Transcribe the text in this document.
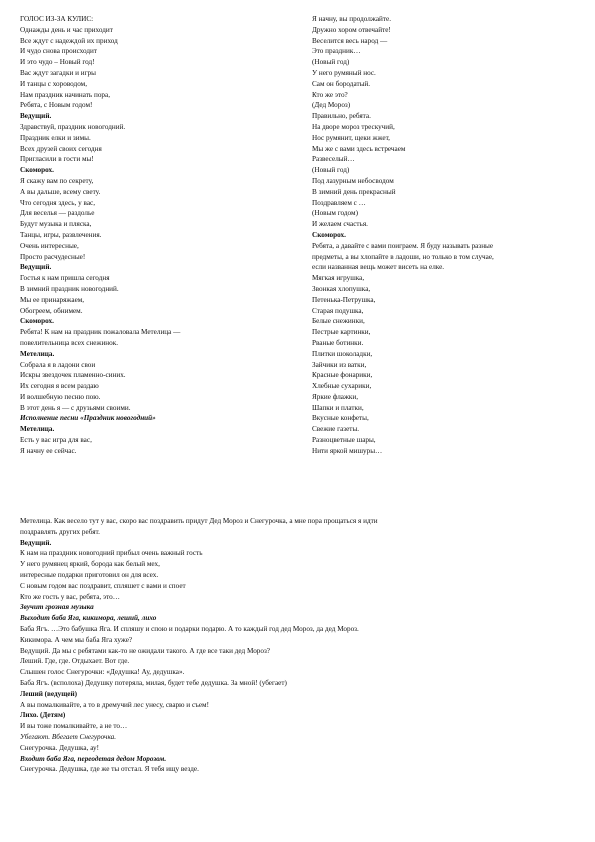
ГОЛОС ИЗ-ЗА КУЛИС:
Однажды день и час приходит
Все ждут с надеждой их приход
И чудо снова происходит
И это чудо – Новый год!
Вас ждут загадки и игры
И танцы с хороводом,
Нам праздник начинать пора,
Ребята, с Новым годом!
Ведущий.
Здравствуй, праздник новогодний.
Праздник елки и зимы.
Всех друзей своих сегодня
Пригласили в гости мы!
Скоморох.
Я скажу вам по секрету,
А вы дальше, всему свету.
Что сегодня здесь, у вас,
Для веселья — раздолье
Будут музыка и пляска,
Танцы, игры, развлечения.
Очень интересные,
Просто расчудесные!
Ведущий.
Гостья к нам пришла сегодня
В зимний праздник новогодний.
Мы ее принаряжаем,
Обогреем, обнимем.
Скоморох.
Ребята! К нам на праздник пожаловала Метелица —
повелительница всех снежинок.
Метелица.
Собрала я в ладони свои
Искры звездочек пламенно-синих.
Их сегодня я всем раздаю
И волшебную песню пою.
В этот день я — с друзьями своими.
Исполнение песни «Праздник новогодний»
Метелица.
Есть у вас игра для вас,
Я начну ее сейчас.
Я начну, вы продолжайте.
Дружно хором отвечайте!
Веселится весь народ —
Это праздник…
(Новый год)
У него румяный нос.
Сам он бородатый.
Кто же это?
(Дед Мороз)
Правильно, ребята.
На дворе мороз трескучий,
Нос румянит, щеки жжет,
Мы же с вами здесь встречаем
Развеселый…
(Новый год)
Под лазурным небосводом
В зимний день прекрасный
Поздравляем с …
(Новым годом)
И желаем счастья.
Скоморох.
Ребята, а давайте с вами поиграем. Я буду называть разные
предметы, а вы хлопайте в ладоши, но только в том случае,
если названная вещь может висеть на елке.
Мягкая игрушка,
Звонкая хлопушка,
Петенька-Петрушка,
Старая подушка,
Белые снежинки,
Пестрые картинки,
Рваные ботинки.
Плитки шоколадки,
Зайчики из ватки,
Красные фонарики,
Хлебные сухарики,
Яркие флажки,
Шапки и платки,
Вкусные конфеты,
Свежие газеты.
Разноцветные шары,
Нити яркой мишуры…
Метелица. Как весело тут у вас, скоро вас поздравить придут Дед Мороз и Снегурочка, а мне пора прощаться я идти
поздравлять других ребят.
Ведущий.
К нам на праздник новогодний прибыл очень важный гость
У него румянец яркий, борода как белый мех,
интересные подарки приготовил он для всех.
С новым годом вас поздравит, спляшет с вами и споет
Кто же гость у вас, ребята, это…
Звучит грозная музыка
Выходит баба Яга, кикимора, леший, лихо
Баба Ягъ. …Это бабушка Яга. И спляшу и спою и подарки подарю. А то каждый год дед Мороз, да дед Мороз.
Кикимора. А чем мы баба Яга хуже?
Ведущий. Да мы с ребятами как-то не ожидали такого. А где все таки дед Мороз?
Леший. Где, где. Отдыхает. Вот где.
Слышен голос Снегурочки: «Дедушка! Ау, дедушка».
Баба Ягъ. (всполоха) Дедушку потеряла, милая, будет тебе дедушка. За мной! (убегает)
Леший (ведущей)
А вы помалкивайте, а то в дремучий лес унесу, сварю и съем!
Лихо. (Детям)
И вы тоже помалкивайте, а не то…
Убегают. Вбегает Снегурочка.
Снегурочка. Дедушка, ау!
Входит баба Яга, переодетая дедом Морозом.
Снегурочка. Дедушка, где же ты отстал. Я тебя ищу везде.
